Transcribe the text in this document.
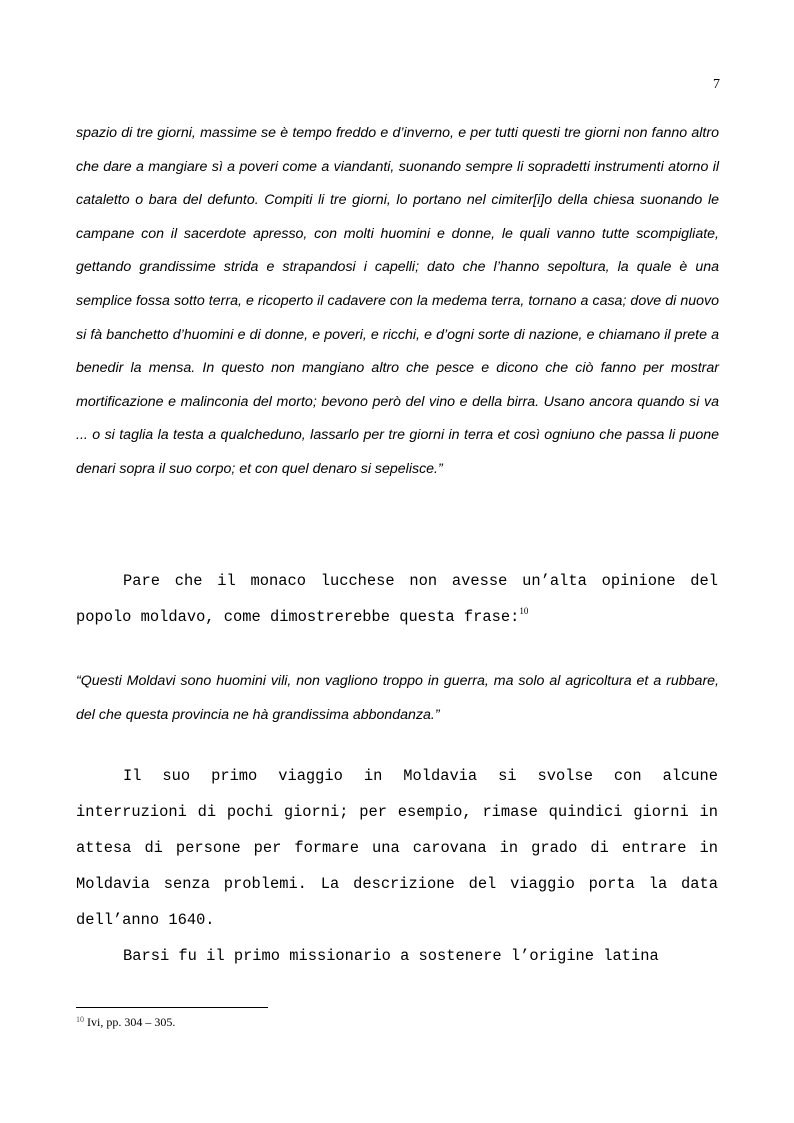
7

spazio di tre giorni, massime se è tempo freddo e d’inverno, e per tutti questi tre giorni non fanno altro che dare a mangiare sì a poveri come a viandanti, suonando sempre li sopradetti instrumenti atorno il cataletto o bara del defunto. Compiti li tre giorni, lo portano nel cimiter[i]o della chiesa suonando le campane con il sacerdote apresso, con molti huomini e donne, le quali vanno tutte scompigliate, gettando grandissime strida e strapandosi i capelli; dato che l’hanno sepoltura, la quale è una semplice fossa sotto terra, e ricoperto il cadavere con la medema terra, tornano a casa; dove di nuovo si fà banchetto d’huomini e di donne, e poveri, e ricchi, e d’ogni sorte di nazione, e chiamano il prete a benedir la mensa. In questo non mangiano altro che pesce e dicono che ciò fanno per mostrar mortificazione e malinconia del morto; bevono però del vino e della birra. Usano ancora quando si va ... o si taglia la testa a qualcheduno, lassarlo per tre giorni in terra et così ogniuno che passa li puone denari sopra il suo corpo; et con quel denaro si sepelisce.”

Pare che il monaco lucchese non avesse un’alta opinione del popolo moldavo, come dimostrerebbe questa frase:$^{10}$

“Questi Moldavi sono huomini vili, non vagliono troppo in guerra, ma solo al agricoltura et a rubbare, del che questa provincia ne hà grandissima abbondanza.”

Il suo primo viaggio in Moldavia si svolse con alcune interruzioni di pochi giorni; per esempio, rimase quindici giorni in attesa di persone per formare una carovana in grado di entrare in Moldavia senza problemi. La descrizione del viaggio porta la data dell’anno 1640.

Barsi fu il primo missionario a sostenere l’origine latina

$^{10}$ Ivi, pp. 304 – 305.
